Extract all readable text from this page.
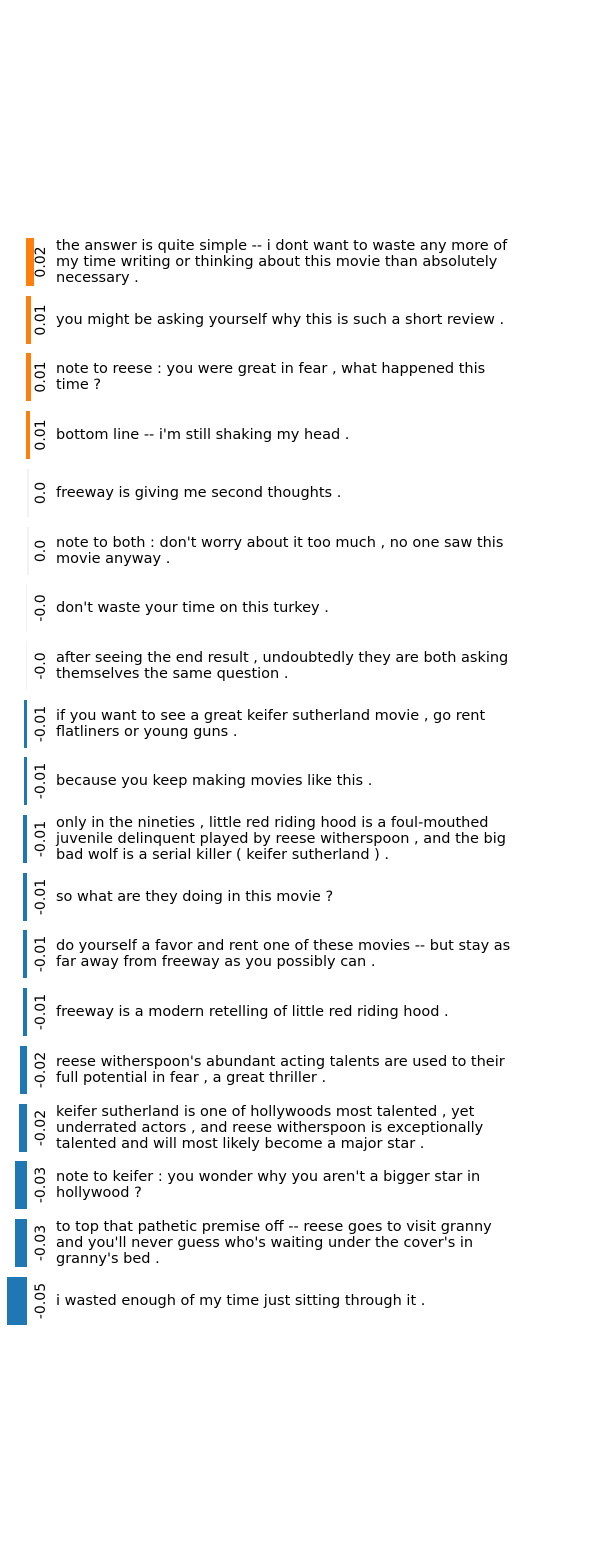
0.02
the answer is quite simple -- i dont want to waste any more of my time writing or thinking about this movie than absolutely necessary .
0.01 you might be asking yourself why this is such a short review .
0.01 note to reese : you were great in fear , what happened this time ?
0.01 bottom line -- i'm still shaking my head .
0.0 freeway is giving me second thoughts .
0.0 note to both : don't worry about it too much , no one saw this movie anyway .
-0.0 don't waste your time on this turkey .
-0.0 after seeing the end result , undoubtedly they are both asking themselves the same question .
-0.01 if you want to see a great keifer sutherland movie , go rent flatliners or young guns .
-0.01 because you keep making movies like this .
-0.01 only in the nineties , little red riding hood is a foul-mouthed juvenile delinquent played by reese witherspoon , and the big bad wolf is a serial killer ( keifer sutherland ) .
-0.01 so what are they doing in this movie ?
-0.01 do yourself a favor and rent one of these movies -- but stay as far away from freeway as you possibly can .
-0.01 freeway is a modern retelling of little red riding hood .
-0.02 reese witherspoon's abundant acting talents are used to their full potential in fear , a great thriller .
-0.02 keifer sutherland is one of hollywoods most talented , yet underrated actors , and reese witherspoon is exceptionally talented and will most likely become a major star .
-0.03 note to keifer : you wonder why you aren't a bigger star in hollywood ?
-0.03 to top that pathetic premise off -- reese goes to visit granny and you'll never guess who's waiting under the cover's in granny's bed .
-0.05 i wasted enough of my time just sitting through it .
